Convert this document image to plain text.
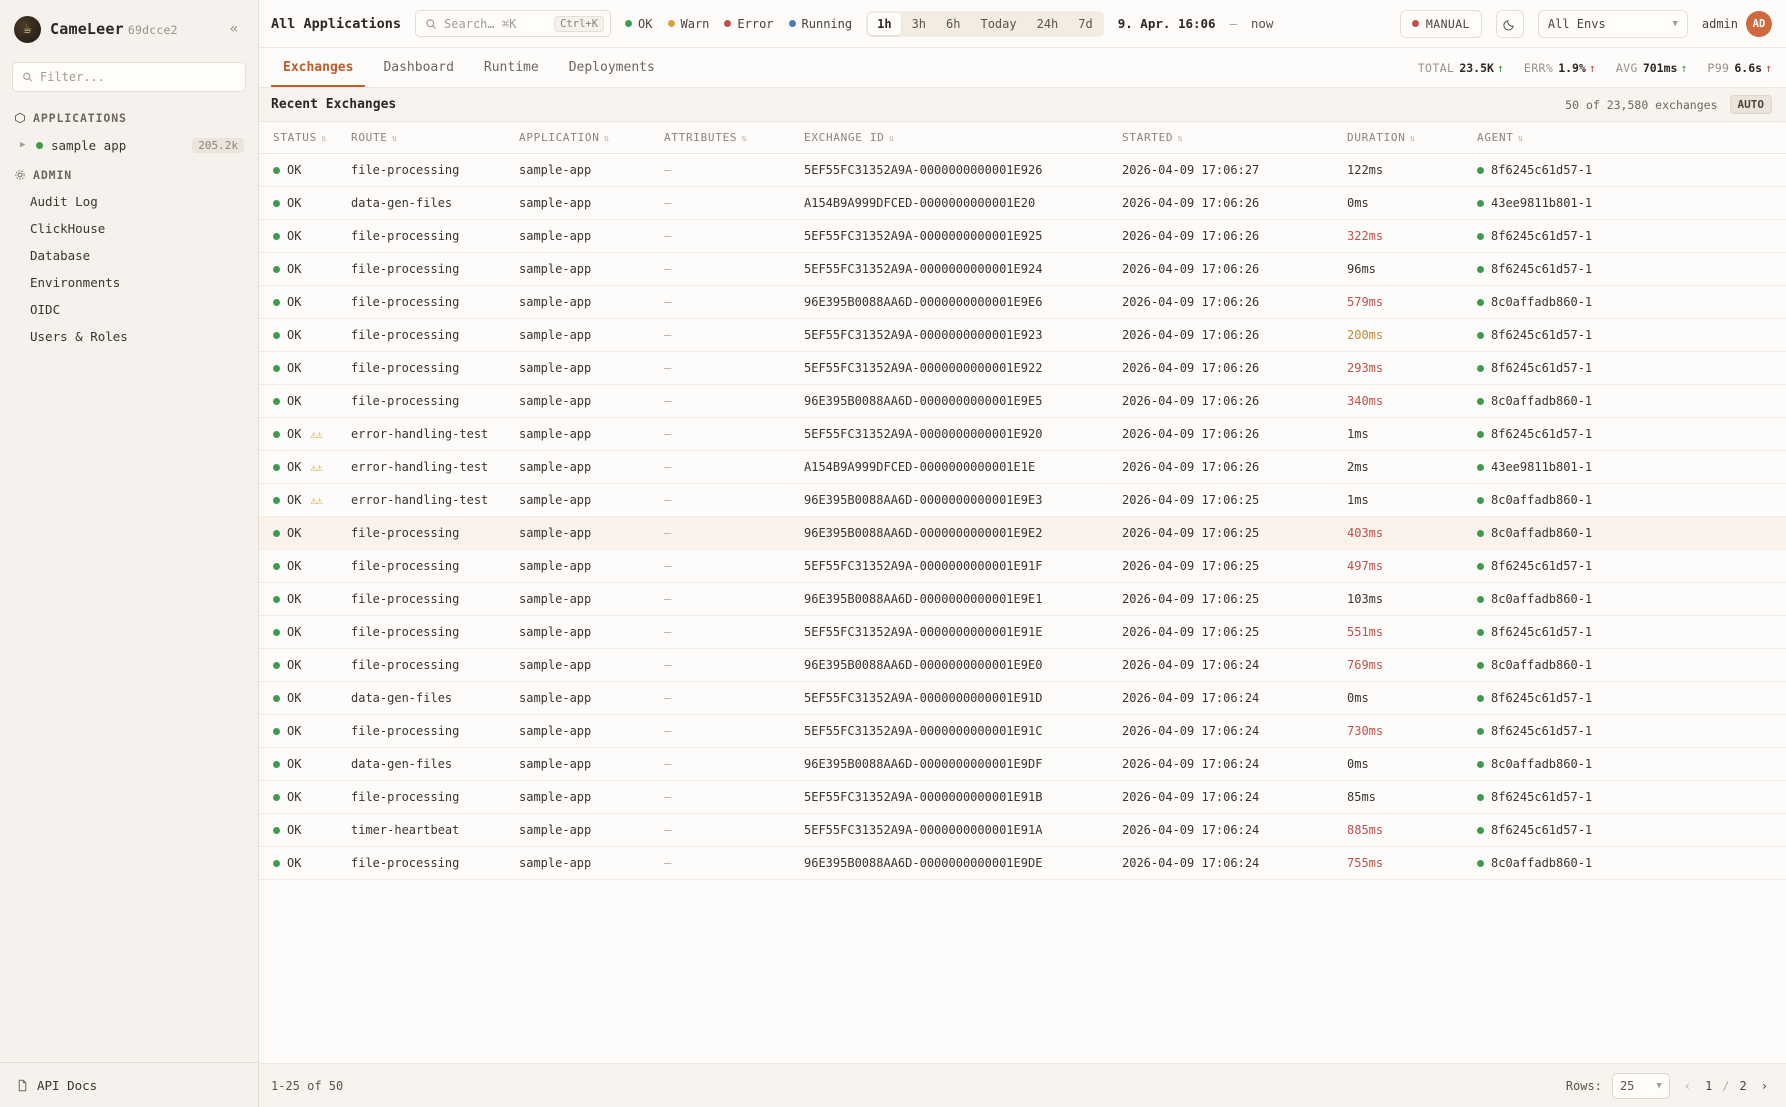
☕	CameLeer 69dcce2	«
Filter...
APPLICATIONS
▶ sample app	205.2k
ADMIN
Audit Log
ClickHouse
Database
Environments
OIDC
Users & Roles
API Docs
All Applications	Search… ⌘K	Ctrl+K	OK Warn Error Running	1h	3h	6h	Today	24h	7d	9. Apr. 16:06 — now	MANUAL	All Envs	▼ admin	AD
Exchanges	Dashboard	Runtime	Deployments	TOTAL 23.5K ↑ ERR% 1.9% ↑ AVG 701ms ↑ P99 6.6s ↑
Recent Exchanges	50 of 23,580 exchanges	AUTO
STATUS ⇅	ROUTE ⇅	APPLICATION ⇅	ATTRIBUTES ⇅	EXCHANGE ID ⇅	STARTED ⇅	DURATION ⇅	AGENT ⇅

OK	file-processing	sample-app	—	5EF55FC31352A9A-0000000000001E926	2026-04-09 17:06:27	122ms	8f6245c61d57-1

OK	data-gen-files	sample-app	—	A154B9A999DFCED-0000000000001E20	2026-04-09 17:06:26	0ms	43ee9811b801-1

OK	file-processing	sample-app	—	5EF55FC31352A9A-0000000000001E925	2026-04-09 17:06:26	322ms	8f6245c61d57-1

OK	file-processing	sample-app	—	5EF55FC31352A9A-0000000000001E924	2026-04-09 17:06:26	96ms	8f6245c61d57-1

OK	file-processing	sample-app	—	96E395B0088AA6D-0000000000001E9E6	2026-04-09 17:06:26	579ms	8c0affadb860-1

OK	file-processing	sample-app	—	5EF55FC31352A9A-0000000000001E923	2026-04-09 17:06:26	200ms	8f6245c61d57-1

OK	file-processing	sample-app	—	5EF55FC31352A9A-0000000000001E922	2026-04-09 17:06:26	293ms	8f6245c61d57-1

OK	file-processing	sample-app	—	96E395B0088AA6D-0000000000001E9E5	2026-04-09 17:06:26	340ms	8c0affadb860-1

OK ⚠⚠	error-handling-test	sample-app	—	5EF55FC31352A9A-0000000000001E920	2026-04-09 17:06:26	1ms	8f6245c61d57-1

OK ⚠⚠	error-handling-test	sample-app	—	A154B9A999DFCED-0000000000001E1E	2026-04-09 17:06:26	2ms	43ee9811b801-1

OK ⚠⚠	error-handling-test	sample-app	—	96E395B0088AA6D-0000000000001E9E3	2026-04-09 17:06:25	1ms	8c0affadb860-1

OK	file-processing	sample-app	—	96E395B0088AA6D-0000000000001E9E2	2026-04-09 17:06:25	403ms	8c0affadb860-1

OK	file-processing	sample-app	—	5EF55FC31352A9A-0000000000001E91F	2026-04-09 17:06:25	497ms	8f6245c61d57-1

OK	file-processing	sample-app	—	96E395B0088AA6D-0000000000001E9E1	2026-04-09 17:06:25	103ms	8c0affadb860-1

OK	file-processing	sample-app	—	5EF55FC31352A9A-0000000000001E91E	2026-04-09 17:06:25	551ms	8f6245c61d57-1

OK	file-processing	sample-app	—	96E395B0088AA6D-0000000000001E9E0	2026-04-09 17:06:24	769ms	8c0affadb860-1

OK	data-gen-files	sample-app	—	5EF55FC31352A9A-0000000000001E91D	2026-04-09 17:06:24	0ms	8f6245c61d57-1

OK	file-processing	sample-app	—	5EF55FC31352A9A-0000000000001E91C	2026-04-09 17:06:24	730ms	8f6245c61d57-1

OK	data-gen-files	sample-app	—	96E395B0088AA6D-0000000000001E9DF	2026-04-09 17:06:24	0ms	8c0affadb860-1

OK	file-processing	sample-app	—	5EF55FC31352A9A-0000000000001E91B	2026-04-09 17:06:24	85ms	8f6245c61d57-1

OK	timer-heartbeat	sample-app	—	5EF55FC31352A9A-0000000000001E91A	2026-04-09 17:06:24	885ms	8f6245c61d57-1

OK	file-processing	sample-app	—	96E395B0088AA6D-0000000000001E9DE	2026-04-09 17:06:24	755ms	8c0affadb860-1
1-25 of 50	Rows: 25 ▼	‹	1 / 2	›
